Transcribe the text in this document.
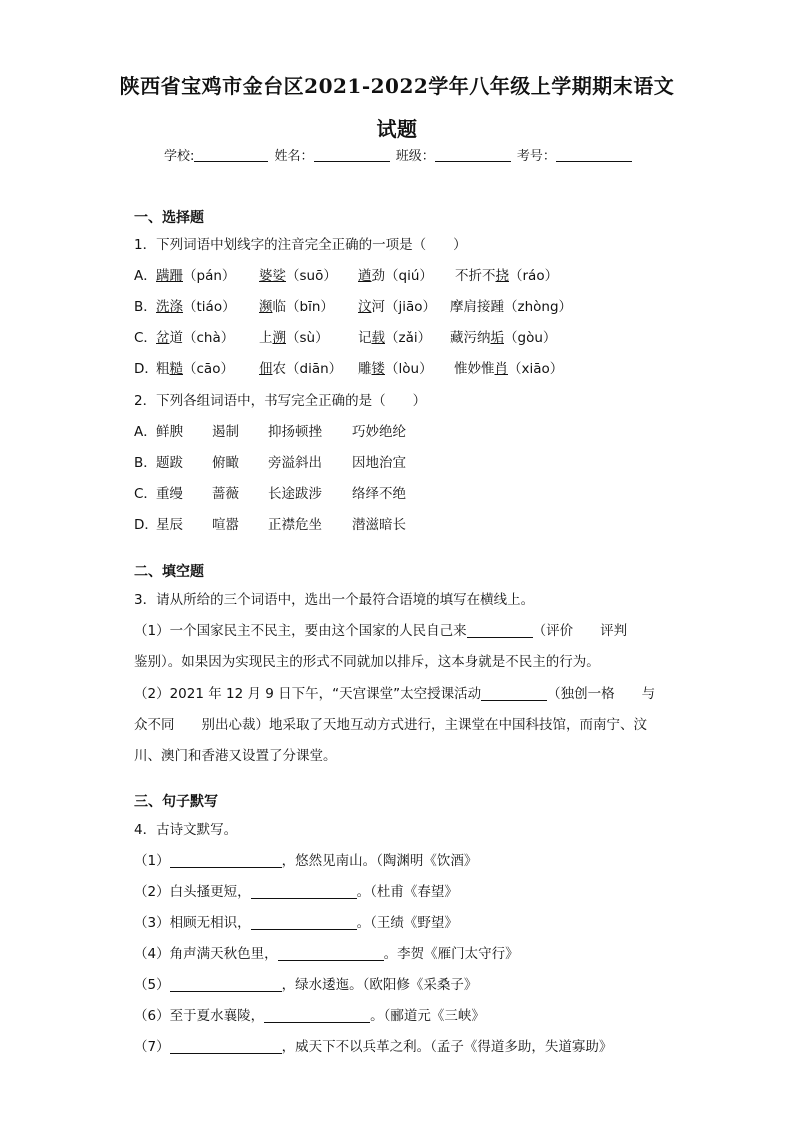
陕西省宝鸡市金台区2021-2022学年八年级上学期期末语文
试题
学校:	姓名：	班级：	考号：
一、选择题
1．下列词语中划线字的注音完全正确的一项是（　　）
A． 蹒跚（pán） 婆娑（suō） 遒劲（qiú） 不折不挠（ráo）
B． 洗涤（tiáo） 濒临（bīn） 汶河（jiāo） 摩肩接踵（zhòng）
C． 岔道（chà） 上溯（sù） 记载（zǎi） 藏污纳垢（gòu）
D．
粗糙（cāo） 佃农（diān） 雕镂（lòu） 惟妙惟肖（xiāo）
2．下列各组词语中，书写完全正确的是（　　）
A． 鲜腴 遏制 抑扬顿挫 巧妙绝纶
B． 题跋 俯瞰 旁溢斜出 因地治宜
C． 重缦 蔷薇 长途跋涉 络绎不绝
D．
星辰 喧嚣 正襟危坐 潜滋暗长
二、填空题
3．请从所给的三个词语中，选出一个最符合语境的填写在横线上。
（1）一个国家民主不民主，要由这个国家的人民自己来	（评价　　评判
鉴别）。如果因为实现民主的形式不同就加以排斥，这本身就是不民主的行为。
（2）2021 年 12 月 9 日下午，“天宫课堂”太空授课活动	（独创一格　　与
众不同　　别出心裁）地采取了天地互动方式进行，主课堂在中国科技馆，而南宁、汶
川、澳门和香港又设置了分课堂。
三、句子默写
4．古诗文默写。
（1）	，悠然见南山。（陶渊明《饮酒》
（2）白头搔更短，	。（杜甫《春望》
（3）相顾无相识，	。（王绩《野望》
（4）角声满天秋色里，	。李贺《雁门太守行》
（5）	，绿水逶迤。（欧阳修《采桑子》
（6）至于夏水襄陵，	。（郦道元《三峡》
（7）	，威天下不以兵革之利。（孟子《得道多助，失道寡助》
